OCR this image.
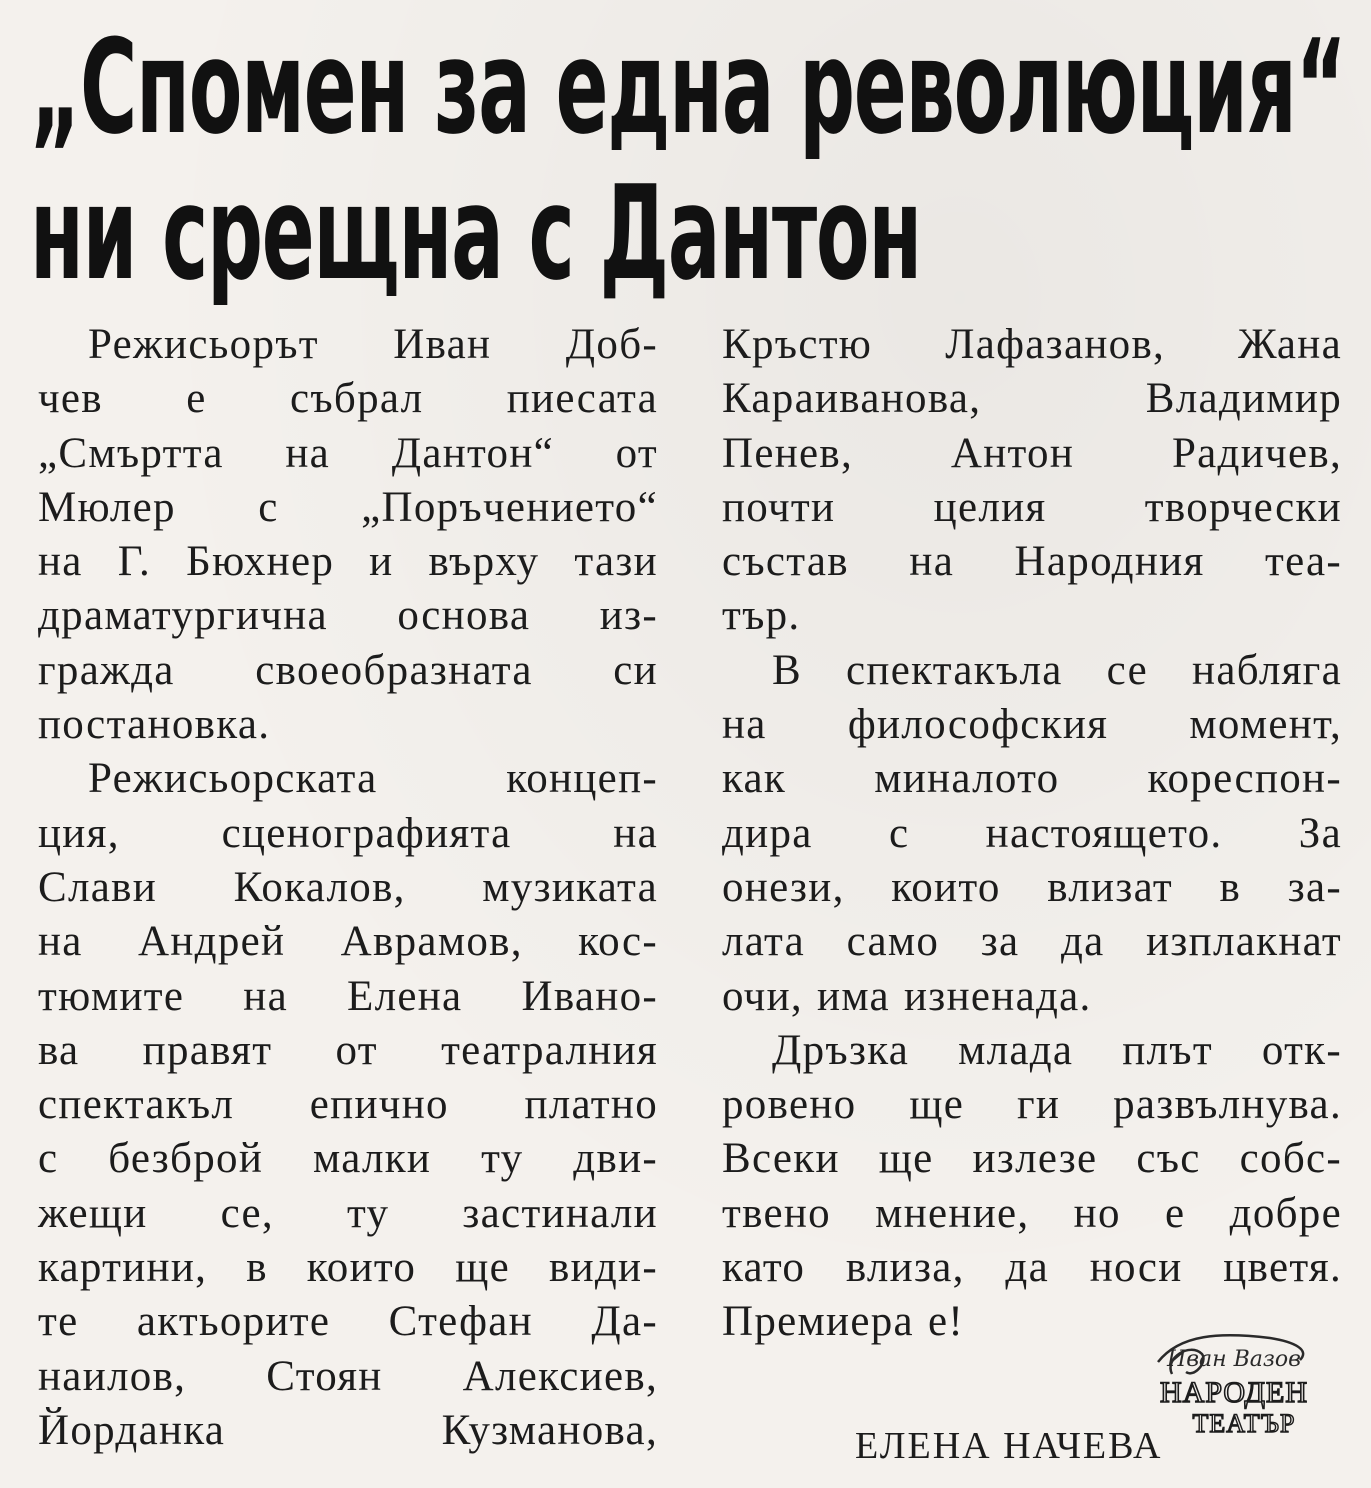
„Спомен за една революция“
ни срещна с Дантон
Режисьорът Иван Доб-
чев е събрал пиесата
„Смъртта на Дантон“ от
Мюлер с „Поръчението“
на Г. Бюхнер и върху тази
драматургична основа из-
гражда своеобразната си
постановка.
Режисьорската концеп-
ция, сценографията на
Слави Кокалов, музиката
на Андрей Аврамов, кос-
тюмите на Елена Ивано-
ва правят от театралния
спектакъл епично платно
с безброй малки ту дви-
жещи се, ту застинали
картини, в които ще види-
те актьорите Стефан Да-
наилов, Стоян Алексиев,
Йорданка Кузманова,
Кръстю Лафазанов, Жана
Караиванова, Владимир
Пенев, Антон Радичев,
почти целия творчески
състав на Народния теа-
тър.
В спектакъла се набляга
на философския момент,
как миналото кореспон-
дира с настоящето. За
онези, които влизат в за-
лата само за да изплакнат
очи, има изненада.
Дръзка млада плът отк-
ровено ще ги развълнува.
Всеки ще излезе със собс-
твено мнение, но е добре
като влиза, да носи цветя.
Премиера е!
ЕЛЕНА НАЧЕВА
Иван Вазов
НАРОДЕН
ТЕАТЪР
